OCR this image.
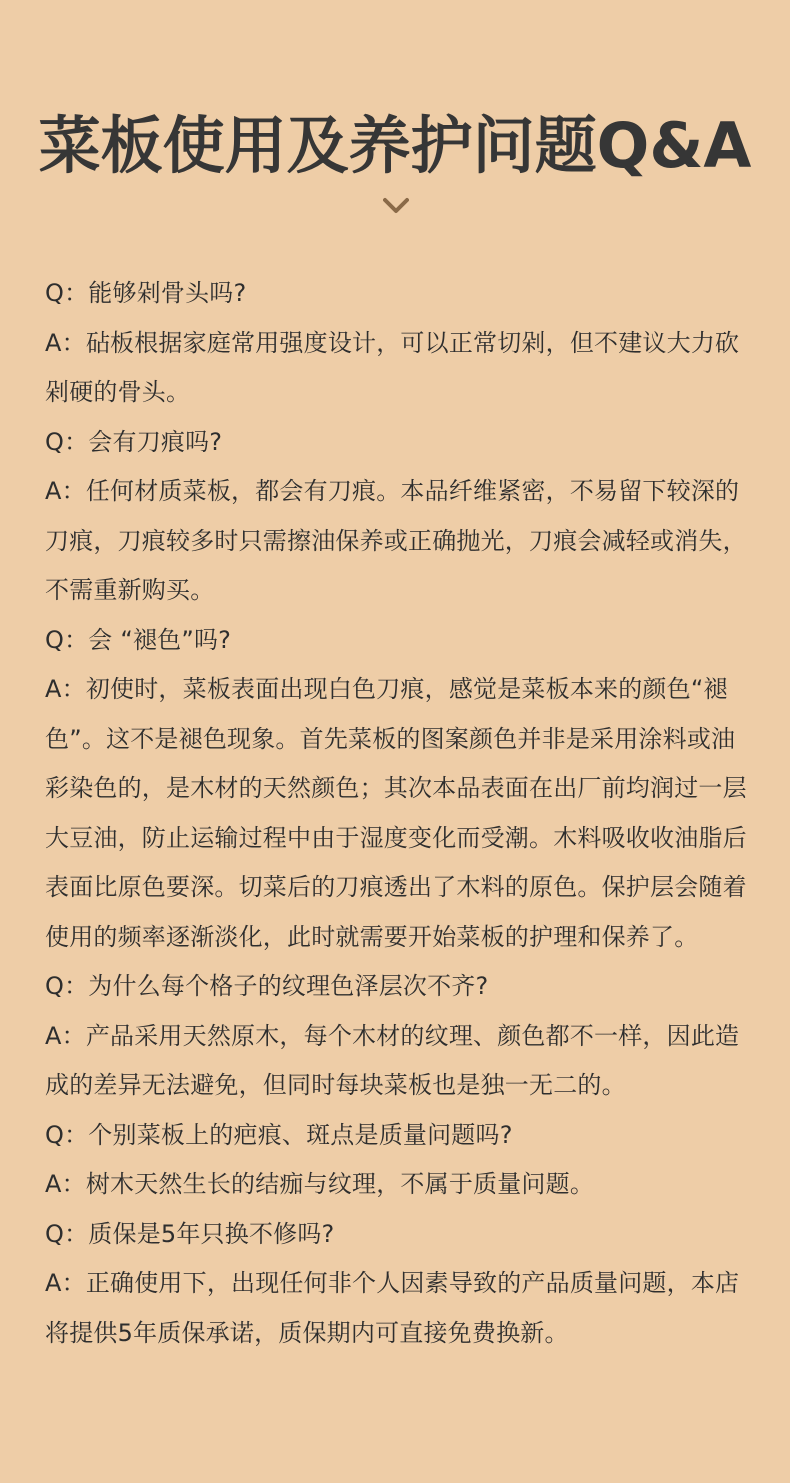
菜板使用及养护问题Q&A

Q：能够剁骨头吗?

A：砧板根据家庭常用强度设计，可以正常切剁，但不建议大力砍剁硬的骨头。

Q：会有刀痕吗?

A：任何材质菜板，都会有刀痕。本品纤维紧密，不易留下较深的刀痕，刀痕较多时只需擦油保养或正确抛光，刀痕会减轻或消失，不需重新购买。

Q：会 “褪色”吗?

A：初使时，菜板表面出现白色刀痕，感觉是菜板本来的颜色“褪色”。这不是褪色现象。首先菜板的图案颜色并非是采用涂料或油彩染色的，是木材的天然颜色；其次本品表面在出厂前均润过一层大豆油，防止运输过程中由于湿度变化而受潮。木料吸收收油脂后表面比原色要深。切菜后的刀痕透出了木料的原色。保护层会随着使用的频率逐渐淡化，此时就需要开始菜板的护理和保养了。

Q：为什么每个格子的纹理色泽层次不齐?

A：产品采用天然原木，每个木材的纹理、颜色都不一样，因此造成的差异无法避免，但同时每块菜板也是独一无二的。

Q：个别菜板上的疤痕、斑点是质量问题吗?

A：树木天然生长的结痂与纹理，不属于质量问题。

Q：质保是5年只换不修吗?

A：正确使用下，出现任何非个人因素导致的产品质量问题，本店将提供5年质保承诺，质保期内可直接免费换新。
